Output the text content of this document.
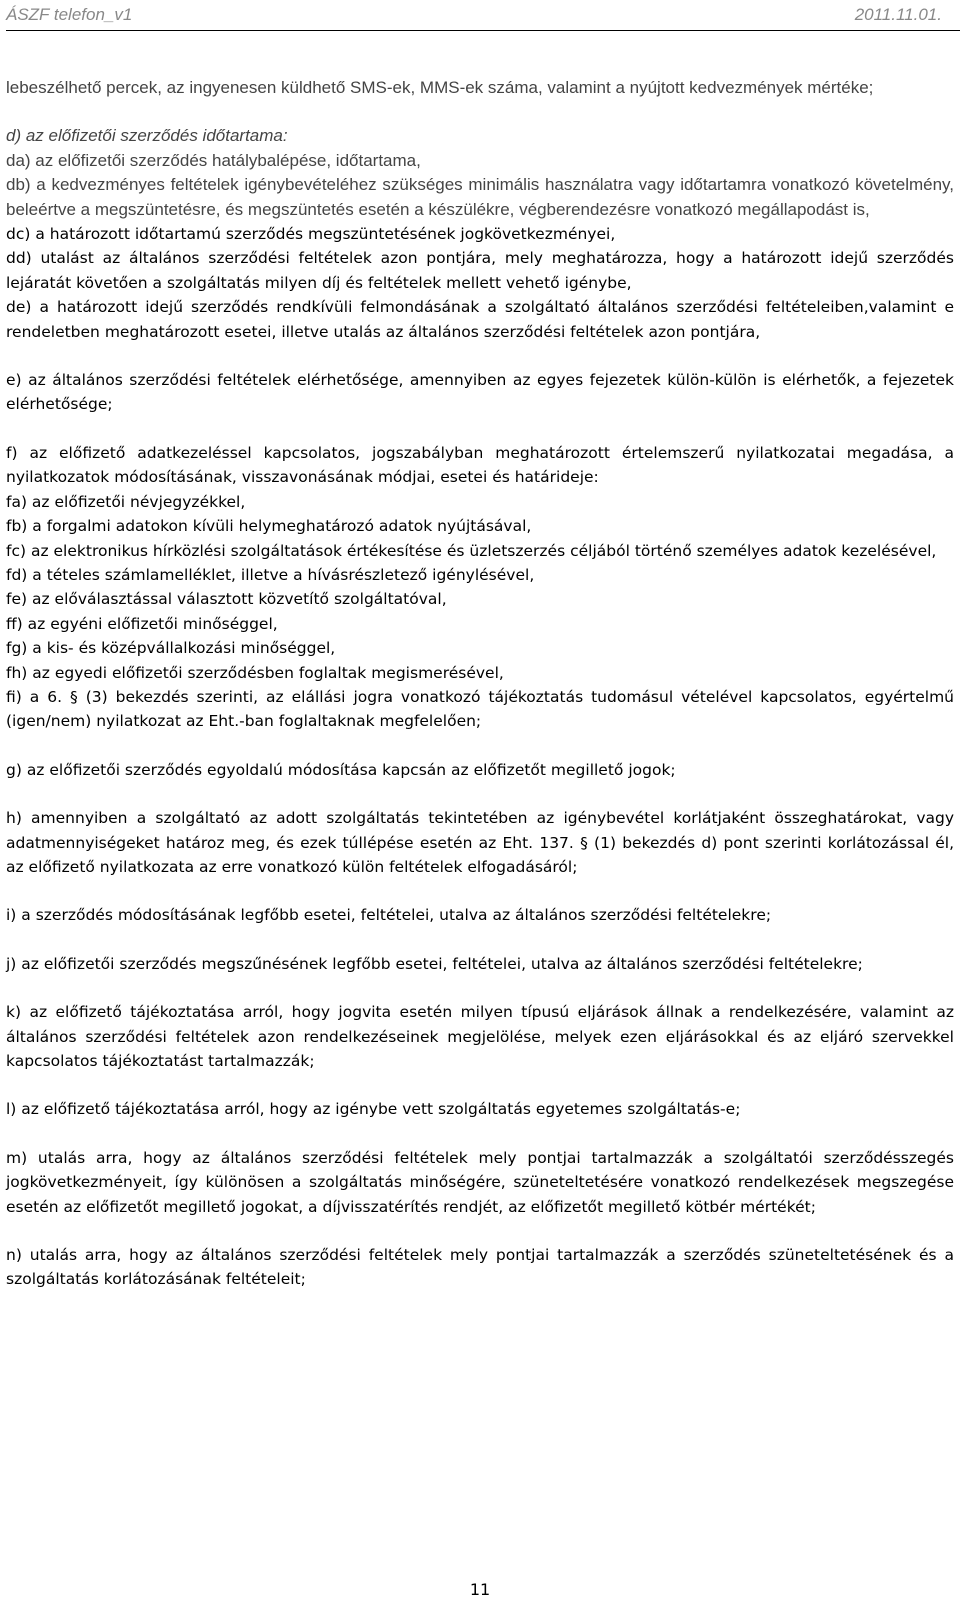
ÁSZF telefon_v1	2011.11.01.

lebeszélhető percek, az ingyenesen küldhető SMS-ek, MMS-ek száma, valamint a nyújtott kedvezmények mértéke;

d) az előfizetői szerződés időtartama:

da) az előfizetői szerződés hatálybalépése, időtartama,

db) a kedvezményes feltételek igénybevételéhez szükséges minimális használatra vagy időtartamra vonatkozó követelmény, beleértve a megszüntetésre, és megszüntetés esetén a készülékre, végberendezésre vonatkozó megállapodást is,

dc) a határozott időtartamú szerződés megszüntetésének jogkövetkezményei,

dd) utalást az általános szerződési feltételek azon pontjára, mely meghatározza, hogy a határozott idejű szerződés lejáratát követően a szolgáltatás milyen díj és feltételek mellett vehető igénybe,

de) a határozott idejű szerződés rendkívüli felmondásának a szolgáltató általános szerződési feltételeiben,valamint e rendeletben meghatározott esetei, illetve utalás az általános szerződési feltételek azon pontjára,

e) az általános szerződési feltételek elérhetősége, amennyiben az egyes fejezetek külön-külön is elérhetők, a fejezetek elérhetősége;

f) az előfizető adatkezeléssel kapcsolatos, jogszabályban meghatározott értelemszerű nyilatkozatai megadása, a nyilatkozatok módosításának, visszavonásának módjai, esetei és határideje:

fa) az előfizetői névjegyzékkel,

fb) a forgalmi adatokon kívüli helymeghatározó adatok nyújtásával,

fc) az elektronikus hírközlési szolgáltatások értékesítése és üzletszerzés céljából történő személyes adatok kezelésével,

fd) a tételes számlamelléklet, illetve a hívásrészletező igénylésével,

fe) az előválasztással választott közvetítő szolgáltatóval,

ff) az egyéni előfizetői minőséggel,

fg) a kis- és középvállalkozási minőséggel,

fh) az egyedi előfizetői szerződésben foglaltak megismerésével,

fi) a 6. § (3) bekezdés szerinti, az elállási jogra vonatkozó tájékoztatás tudomásul vételével kapcsolatos, egyértelmű (igen/nem) nyilatkozat az Eht.-ban foglaltaknak megfelelően;

g) az előfizetői szerződés egyoldalú módosítása kapcsán az előfizetőt megillető jogok;

h) amennyiben a szolgáltató az adott szolgáltatás tekintetében az igénybevétel korlátjaként összeghatárokat, vagy adatmennyiségeket határoz meg, és ezek túllépése esetén az Eht. 137. § (1) bekezdés d) pont szerinti korlátozással él, az előfizető nyilatkozata az erre vonatkozó külön feltételek elfogadásáról;

i) a szerződés módosításának legfőbb esetei, feltételei, utalva az általános szerződési feltételekre;

j) az előfizetői szerződés megszűnésének legfőbb esetei, feltételei, utalva az általános szerződési feltételekre;

k) az előfizető tájékoztatása arról, hogy jogvita esetén milyen típusú eljárások állnak a rendelkezésére, valamint az általános szerződési feltételek azon rendelkezéseinek megjelölése, melyek ezen eljárásokkal és az eljáró szervekkel kapcsolatos tájékoztatást tartalmazzák;

l) az előfizető tájékoztatása arról, hogy az igénybe vett szolgáltatás egyetemes szolgáltatás-e;

m) utalás arra, hogy az általános szerződési feltételek mely pontjai tartalmazzák a szolgáltatói szerződésszegés jogkövetkezményeit, így különösen a szolgáltatás minőségére, szüneteltetésére vonatkozó rendelkezések megszegése esetén az előfizetőt megillető jogokat, a díjvisszatérítés rendjét, az előfizetőt megillető kötbér mértékét;

n) utalás arra, hogy az általános szerződési feltételek mely pontjai tartalmazzák a szerződés szüneteltetésének és a szolgáltatás korlátozásának feltételeit;

11
